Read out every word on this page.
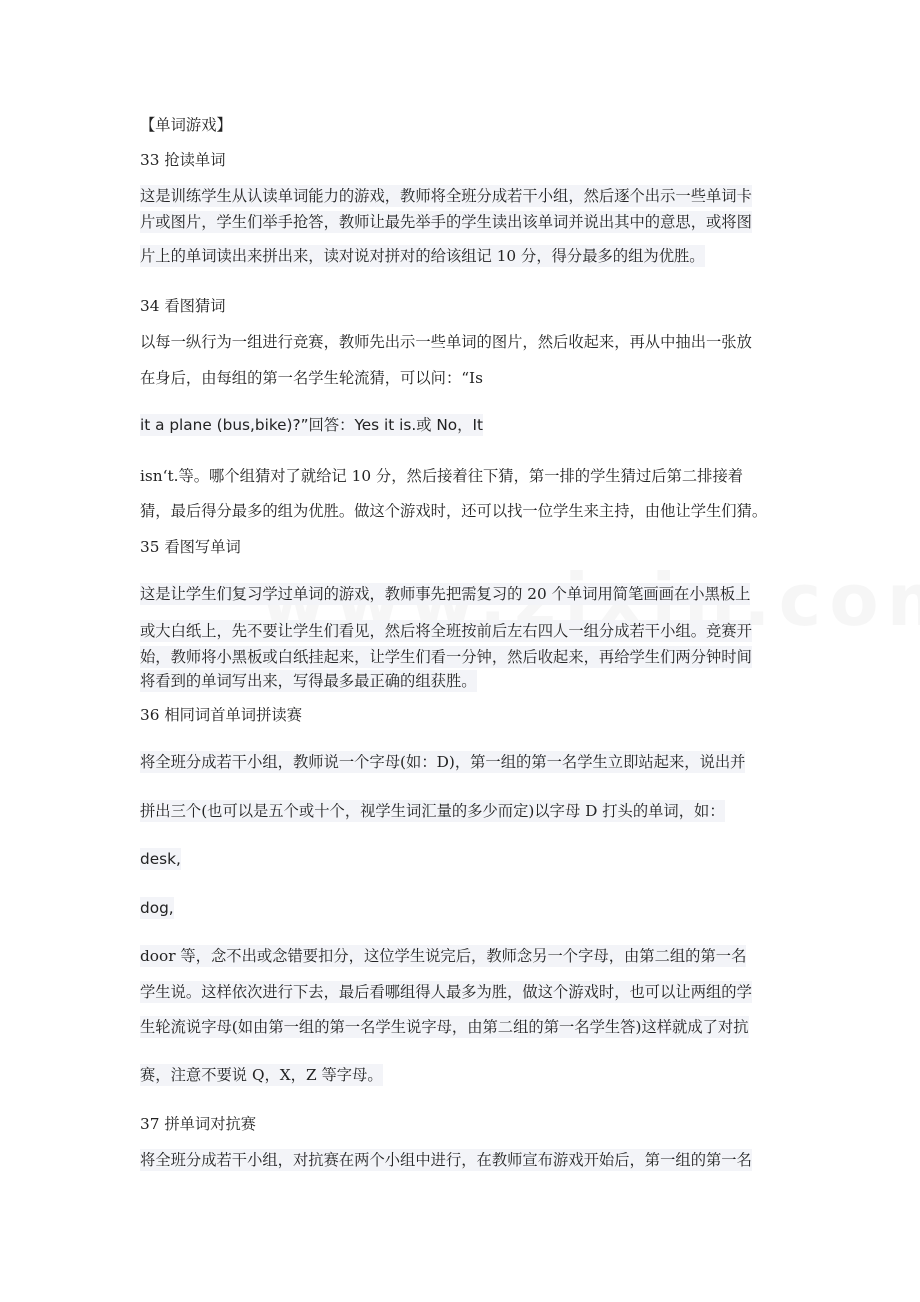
【单词游戏】
33 抢读单词
这是训练学生从认读单词能力的游戏，教师将全班分成若干小组，然后逐个出示一些单词卡
片或图片，学生们举手抢答，教师让最先举手的学生读出该单词并说出其中的意思，或将图
片上的单词读出来拼出来，读对说对拼对的给该组记 10 分，得分最多的组为优胜。
34 看图猜词
以每一纵行为一组进行竞赛，教师先出示一些单词的图片，然后收起来，再从中抽出一张放
在身后，由每组的第一名学生轮流猜，可以问：“Is
it a plane (bus,bike)?”回答：Yes it is.或 No，It
isn‘t.等。哪个组猜对了就给记 10 分，然后接着往下猜，第一排的学生猜过后第二排接着
猜，最后得分最多的组为优胜。做这个游戏时，还可以找一位学生来主持，由他让学生们猜。
35 看图写单词
这是让学生们复习学过单词的游戏，教师事先把需复习的 20 个单词用简笔画画在小黑板上
或大白纸上，先不要让学生们看见，然后将全班按前后左右四人一组分成若干小组。竞赛开
始，教师将小黑板或白纸挂起来，让学生们看一分钟，然后收起来，再给学生们两分钟时间
将看到的单词写出来，写得最多最正确的组获胜。
36 相同词首单词拼读赛
将全班分成若干小组，教师说一个字母(如：D)，第一组的第一名学生立即站起来，说出并
拼出三个(也可以是五个或十个，视学生词汇量的多少而定)以字母 D 打头的单词，如：
desk,
dog,
door 等，念不出或念错要扣分，这位学生说完后，教师念另一个字母，由第二组的第一名
学生说。这样依次进行下去，最后看哪组得人最多为胜，做这个游戏时，也可以让两组的学
生轮流说字母(如由第一组的第一名学生说字母，由第二组的第一名学生答)这样就成了对抗
赛，注意不要说 Q，X，Z 等字母。
37 拼单词对抗赛
将全班分成若干小组，对抗赛在两个小组中进行，在教师宣布游戏开始后，第一组的第一名
